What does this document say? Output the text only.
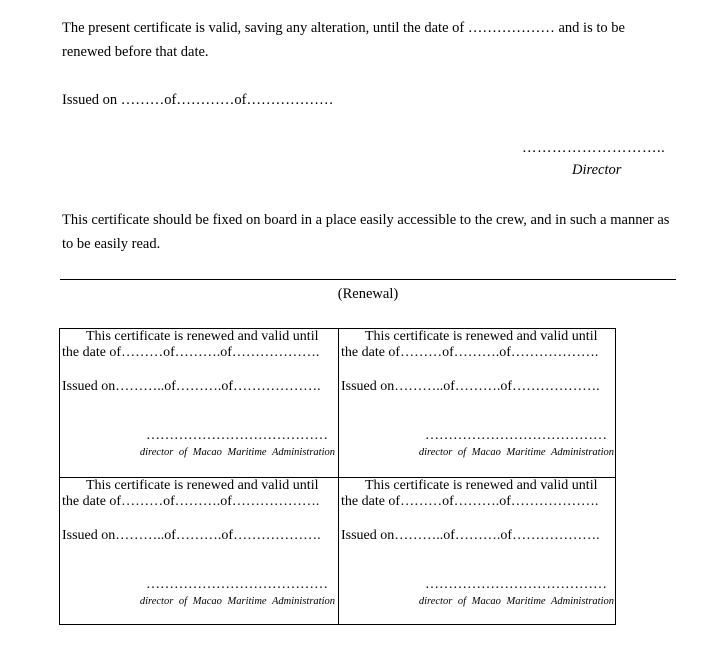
The present certificate is valid, saving any alteration, until the date of ……………… and is to be renewed before that date.
Issued on ………of…………of………………
………………………..
Director
This certificate should be fixed on board in a place easily accessible to the crew, and in such a manner as to be easily read.
(Renewal)
This certificate is renewed and valid until
the date of………of……….of……………….
Issued on………..of……….of……………….
…………………………………
director of Macao Maritime Administration
This certificate is renewed and valid until
the date of………of……….of……………….
Issued on………..of……….of……………….
…………………………………
director of Macao Maritime Administration
This certificate is renewed and valid until
the date of………of……….of……………….
Issued on………..of……….of……………….
…………………………………
director of Macao Maritime Administration
This certificate is renewed and valid until
the date of………of……….of……………….
Issued on………..of……….of……………….
…………………………………
director of Macao Maritime Administration
